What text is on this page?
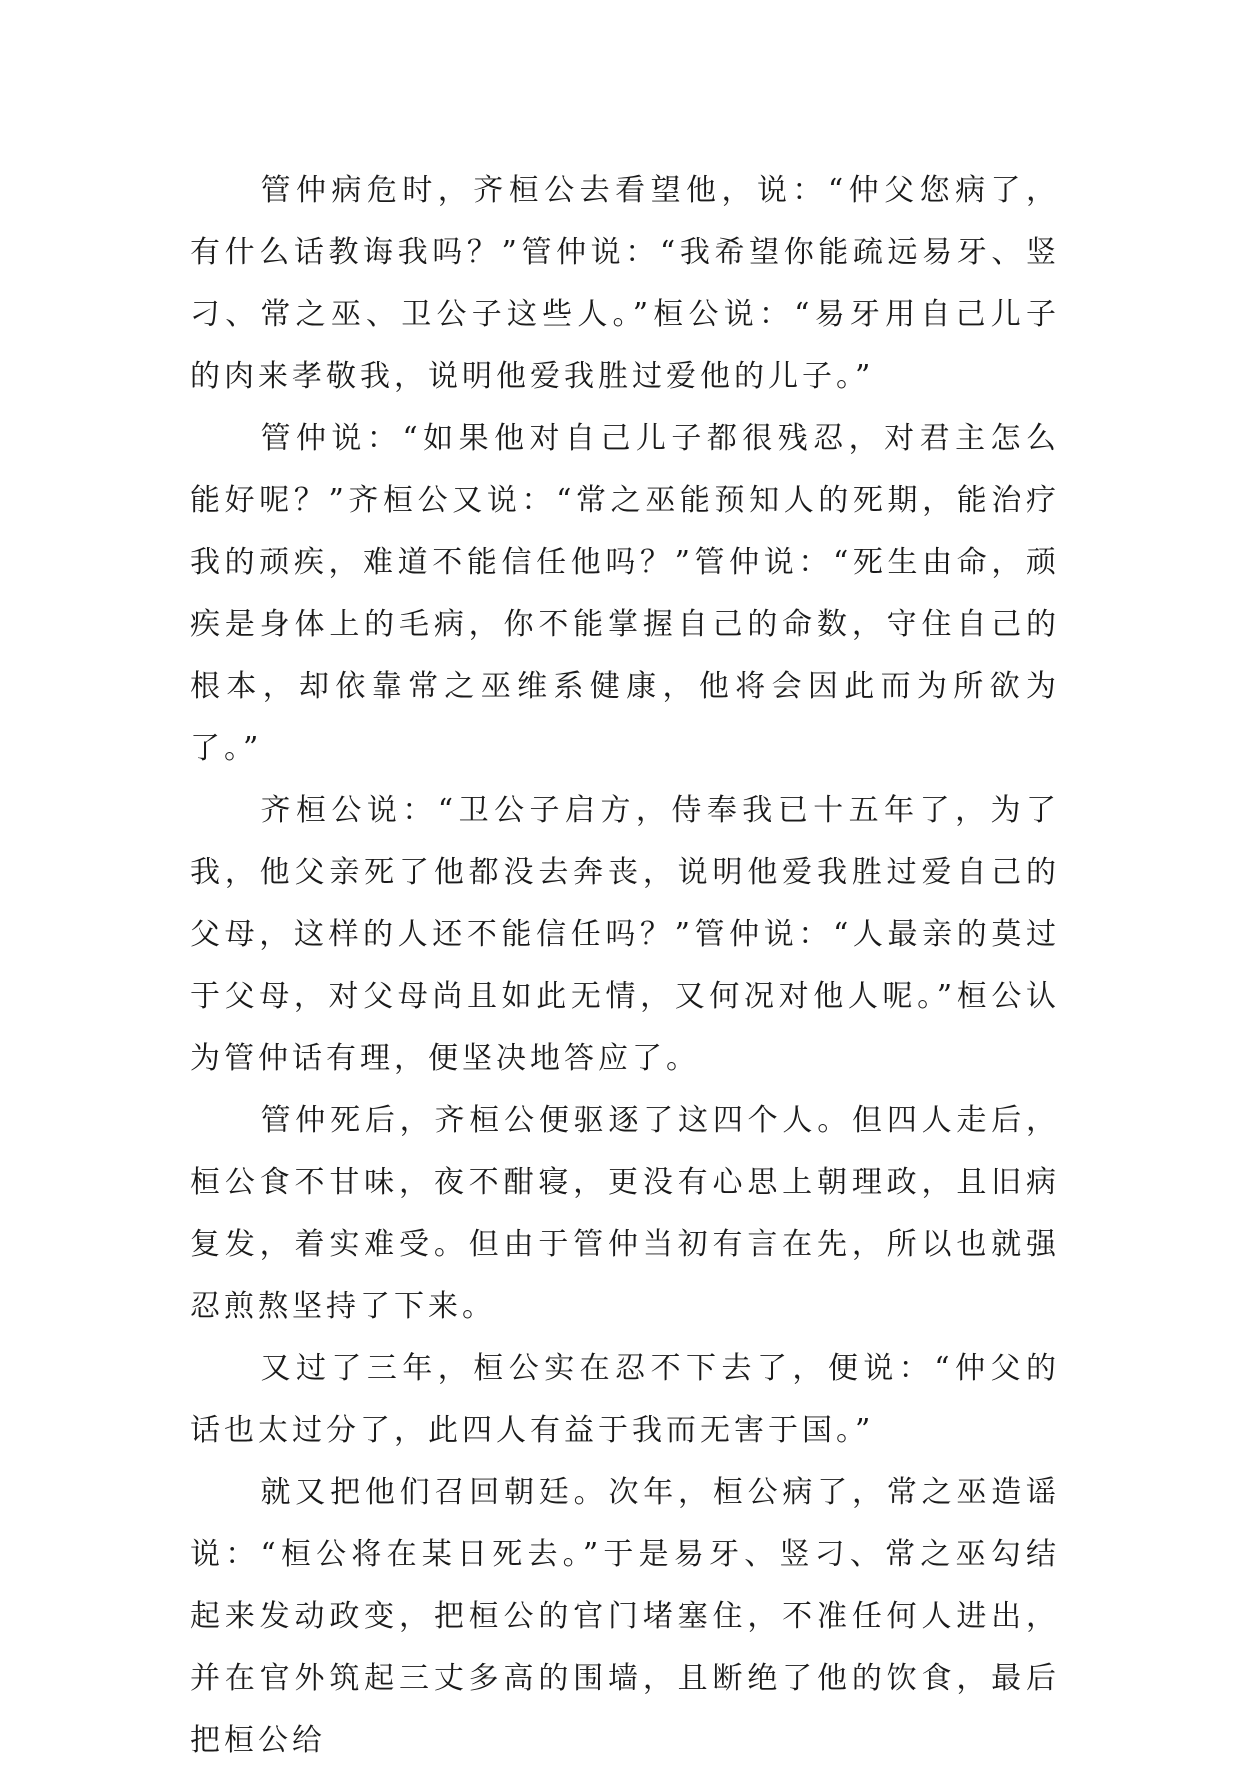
管仲病危时，齐桓公去看望他，说：“仲父您病了，有什么话教诲我吗？”管仲说：“我希望你能疏远易牙、竖刁、常之巫、卫公子这些人。”桓公说：“易牙用自己儿子的肉来孝敬我，说明他爱我胜过爱他的儿子。”

管仲说：“如果他对自己儿子都很残忍，对君主怎么能好呢？”齐桓公又说：“常之巫能预知人的死期，能治疗我的顽疾，难道不能信任他吗？”管仲说：“死生由命，顽疾是身体上的毛病，你不能掌握自己的命数，守住自己的根本，却依靠常之巫维系健康，他将会因此而为所欲为了。”

齐桓公说：“卫公子启方，侍奉我已十五年了，为了我，他父亲死了他都没去奔丧，说明他爱我胜过爱自己的父母，这样的人还不能信任吗？”管仲说：“人最亲的莫过于父母，对父母尚且如此无情，又何况对他人呢。”桓公认为管仲话有理，便坚决地答应了。

管仲死后，齐桓公便驱逐了这四个人。但四人走后，桓公食不甘味，夜不酣寝，更没有心思上朝理政，且旧病复发，着实难受。但由于管仲当初有言在先，所以也就强忍煎熬坚持了下来。

又过了三年，桓公实在忍不下去了，便说：“仲父的话也太过分了，此四人有益于我而无害于国。”

就又把他们召回朝廷。次年，桓公病了，常之巫造谣说：“桓公将在某日死去。”于是易牙、竖刁、常之巫勾结起来发动政变，把桓公的官门堵塞住，不准任何人进出，并在官外筑起三丈多高的围墙，且断绝了他的饮食，最后把桓公给
